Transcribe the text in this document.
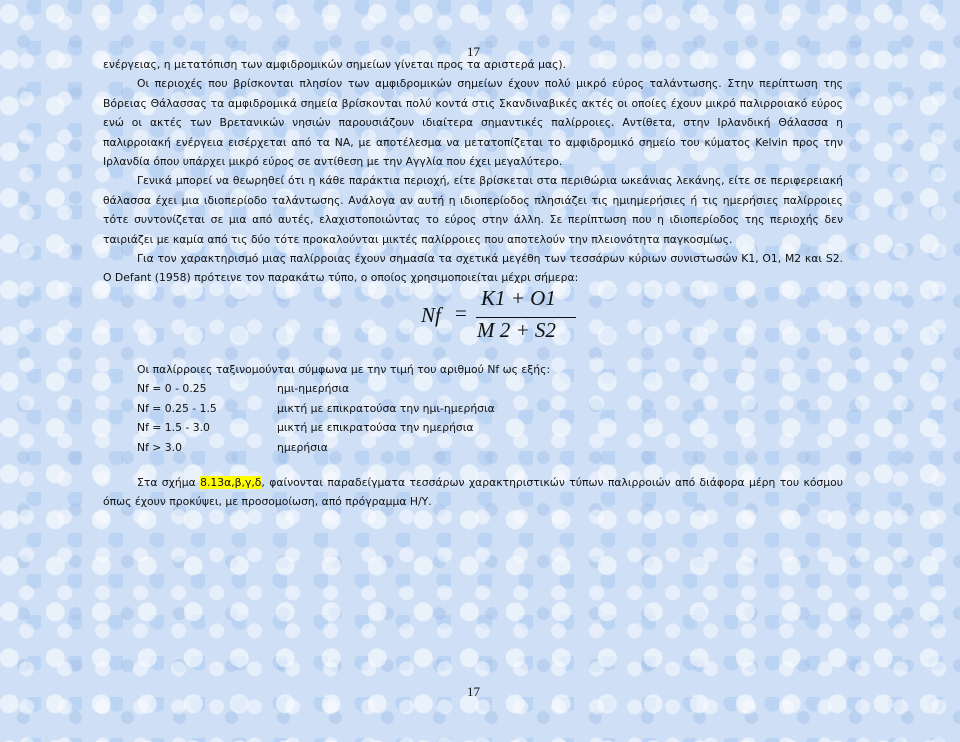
17

ενέργειας, η μετατόπιση των αμφιδρομικών σημείων γίνεται προς τα αριστερά μας).

Οι περιοχές που βρίσκονται πλησίον των αμφιδρομικών σημείων έχουν πολύ μικρό εύρος ταλάντωσης. Στην περίπτωση της Βόρειας Θάλασσας τα αμφιδρομικά σημεία βρίσκονται πολύ κοντά στις Σκανδιναβικές ακτές οι οποίες έχουν μικρό παλιρροιακό εύρος ενώ οι ακτές των Βρετανικών νησιών παρουσιάζουν ιδιαίτερα σημαντικές παλίρροιες. Αντίθετα, στην Ιρλανδική Θάλασσα η παλιρροιακή ενέργεια εισέρχεται από τα ΝΑ, με αποτέλεσμα να μετατοπίζεται το αμφιδρομικό σημείο του κύματος Kelvin προς την Ιρλανδία όπου υπάρχει μικρό εύρος σε αντίθεση με την Αγγλία που έχει μεγαλύτερο.

Γενικά μπορεί να θεωρηθεί ότι η κάθε παράκτια περιοχή, είτε βρίσκεται στα περιθώρια ωκεάνιας λεκάνης, είτε σε περιφερειακή θάλασσα έχει μια ιδιοπερίοδο ταλάντωσης. Ανάλογα αν αυτή η ιδιοπερίοδος πλησιάζει τις ημιημερήσιες ή τις ημερήσιες παλίρροιες τότε συντονίζεται σε μια από αυτές, ελαχιστοποιώντας το εύρος στην άλλη. Σε περίπτωση που η ιδιοπερίοδος της περιοχής δεν ταιριάζει με καμία από τις δύο τότε προκαλούνται μικτές παλίρροιες που αποτελούν την πλειονότητα παγκοσμίως.

Για τον χαρακτηρισμό μιας παλίρροιας έχουν σημασία τα σχετικά μεγέθη των τεσσάρων κύριων συνιστωσών K1, O1, M2 και S2. O Defant (1958) πρότεινε τον παρακάτω τύπο, ο οποίος χρησιμοποιείται μέχρι σήμερα:

Nf =
K1 + O1
M 2 + S2

Οι παλίρροιες ταξινομούνται σύμφωνα με την τιμή του αριθμού Nf ως εξής:

Nf = 0 - 0.25	ημι-ημερήσια
Nf = 0.25 - 1.5	μικτή με επικρατούσα την ημι-ημερήσια
Nf = 1.5 - 3.0	μικτή με επικρατούσα την ημερήσια
Nf > 3.0	ημερήσια

Στα σχήμα 8.13α,β,γ,δ, φαίνονται παραδείγματα τεσσάρων χαρακτηριστικών τύπων παλιρροιών από διάφορα μέρη του κόσμου όπως έχουν προκύψει, με προσομοίωση, από πρόγραμμα Η/Υ.

17
